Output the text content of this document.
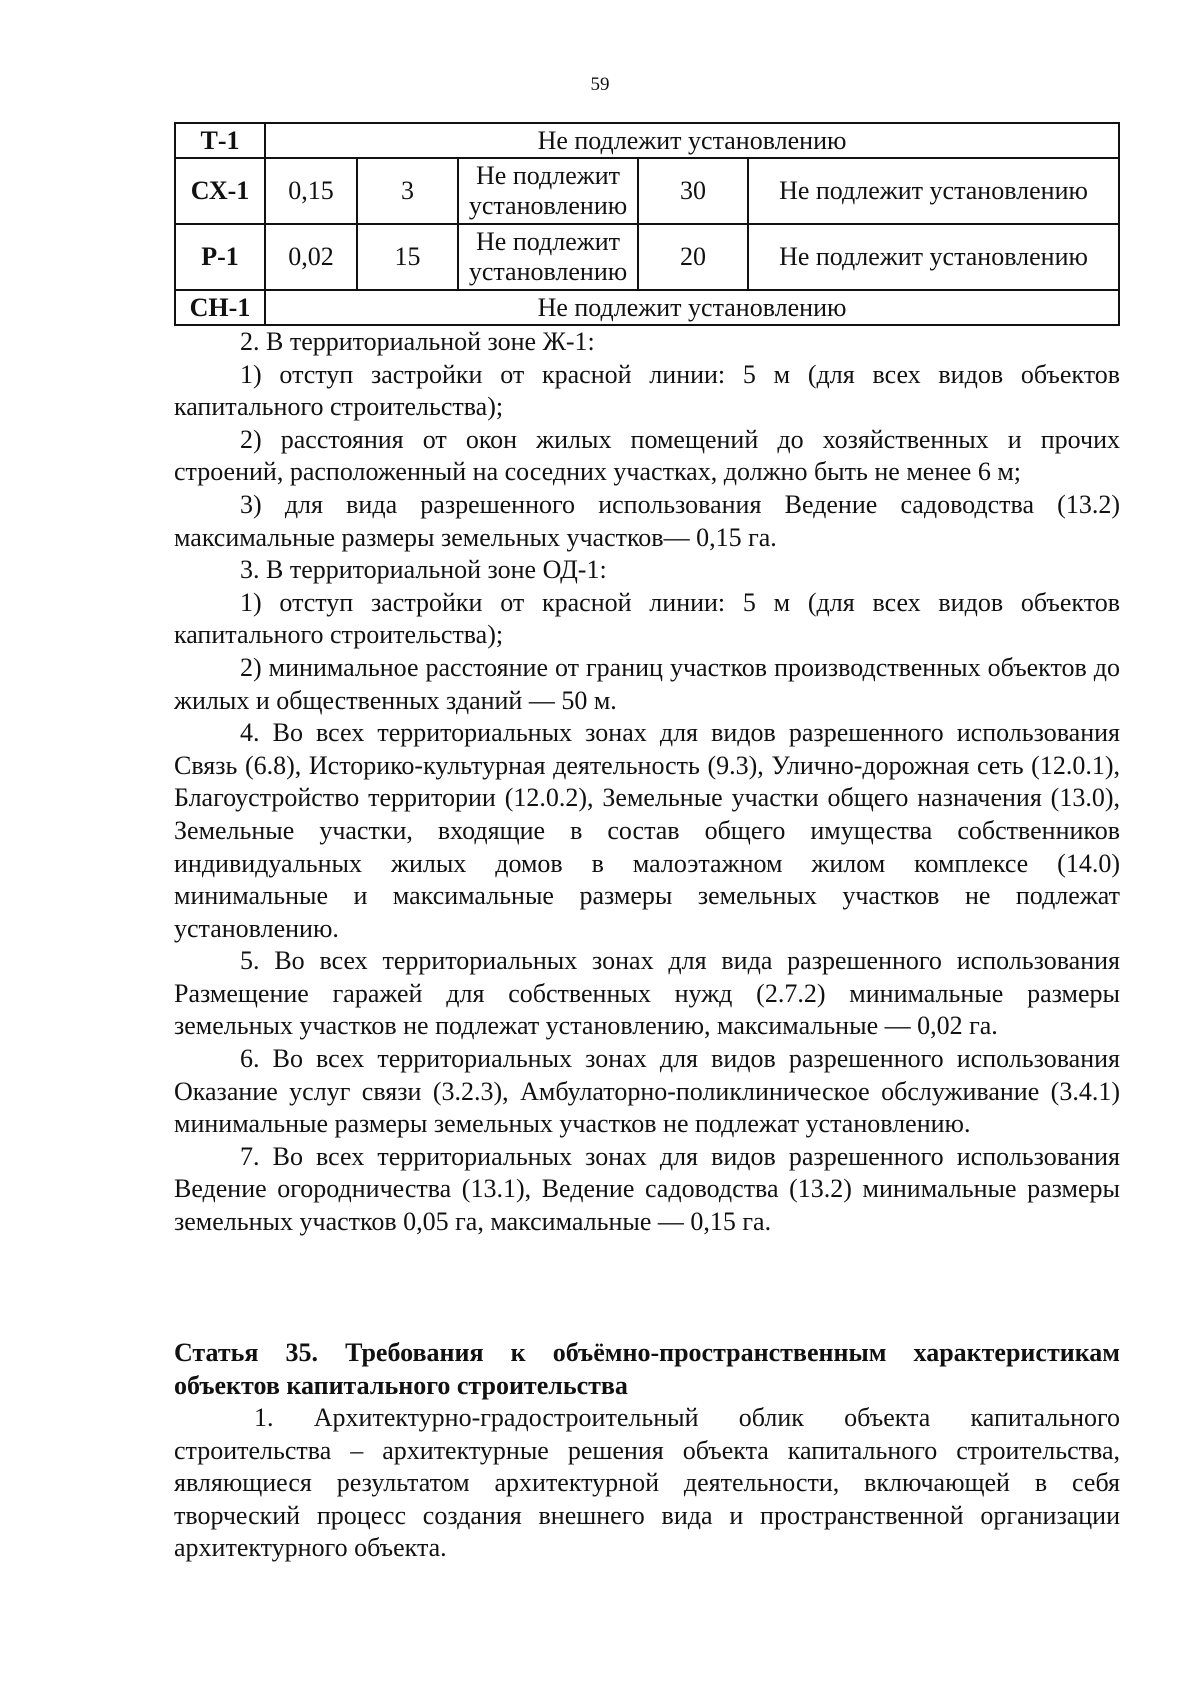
59
Т-1	Не подлежит установлению				
СХ-1	0,15	3	Не подлежит установлению	30	Не подлежит установлению
Р-1	0,02	15	Не подлежит установлению	20	Не подлежит установлению
СН-1	Не подлежит установлению				

2. В территориальной зоне Ж-1:

1) отступ застройки от красной линии: 5 м (для всех видов объектов капитального строительства);

2) расстояния от окон жилых помещений до хозяйственных и прочих строений, расположенный на соседних участках, должно быть не менее 6 м;

3) для вида разрешенного использования Ведение садоводства (13.2) максимальные размеры земельных участков— 0,15 га.

3. В территориальной зоне ОД-1:

1) отступ застройки от красной линии: 5 м (для всех видов объектов капитального строительства);

2) минимальное расстояние от границ участков производственных объектов до жилых и общественных зданий — 50 м.

4. Во всех территориальных зонах для видов разрешенного использования Связь (6.8), Историко-культурная деятельность (9.3), Улично-дорожная сеть (12.0.1), Благоустройство территории (12.0.2), Земельные участки общего назначения (13.0), Земельные участки, входящие в состав общего имущества собственников индивидуальных жилых домов в малоэтажном жилом комплексе (14.0) минимальные и максимальные размеры земельных участков не подлежат установлению.

5. Во всех территориальных зонах для вида разрешенного использования Размещение гаражей для собственных нужд (2.7.2) минимальные размеры земельных участков не подлежат установлению, максимальные — 0,02 га.

6. Во всех территориальных зонах для видов разрешенного использования Оказание услуг связи (3.2.3), Амбулаторно-поликлиническое обслуживание (3.4.1) минимальные размеры земельных участков не подлежат установлению.

7. Во всех территориальных зонах для видов разрешенного использования Ведение огородничества (13.1), Ведение садоводства (13.2) минимальные размеры земельных участков 0,05 га, максимальные — 0,15 га.

Статья 35. Требования к объёмно-пространственным характеристикам объектов капитального строительства

1. Архитектурно-градостроительный облик объекта капитального строительства – архитектурные решения объекта капитального строительства, являющиеся результатом архитектурной деятельности, включающей в себя творческий процесс создания внешнего вида и пространственной организации архитектурного объекта.
